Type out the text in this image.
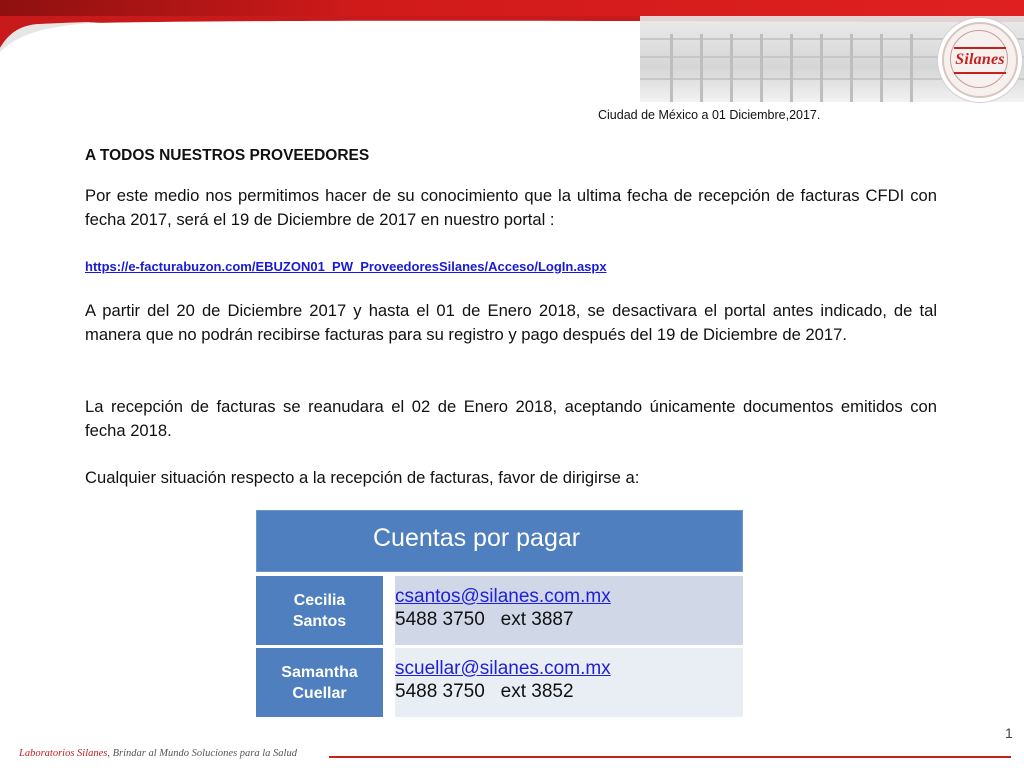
Silanes
Ciudad de México a 01 Diciembre,2017.
A TODOS NUESTROS PROVEEDORES
Por este medio nos permitimos hacer de su conocimiento que la ultima fecha de recepción de facturas CFDI con fecha 2017, será el 19 de Diciembre de 2017 en nuestro portal :
https://e-facturabuzon.com/EBUZON01_PW_ProveedoresSilanes/Acceso/LogIn.aspx
A partir del 20 de Diciembre 2017 y hasta el 01 de Enero 2018, se desactivara el portal antes indicado, de tal manera que no podrán recibirse facturas para su registro y pago después del 19 de Diciembre de 2017.
La recepción de facturas se reanudara el 02 de Enero 2018, aceptando únicamente documentos emitidos con fecha 2018.
Cualquier situación respecto a la recepción de facturas, favor de dirigirse a:
Cuentas por pagar
Cecilia
Santos
csantos@silanes.com.mx
5488 3750   ext 3887
Samantha
Cuellar
scuellar@silanes.com.mx
5488 3750   ext 3852
1
Laboratorios Silanes, Brindar al Mundo Soluciones para la Salud
